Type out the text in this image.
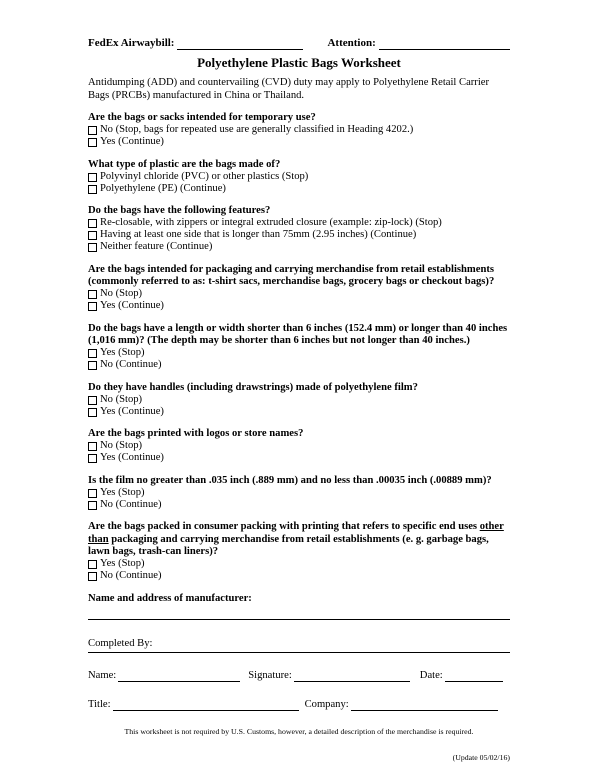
FedEx Airwaybill:	Attention:
Polyethylene Plastic Bags Worksheet
Antidumping (ADD) and countervailing (CVD) duty may apply to Polyethylene Retail Carrier Bags (PRCBs) manufactured in China or Thailand.
Are the bags or sacks intended for temporary use?
No (Stop, bags for repeated use are generally classified in Heading 4202.)
Yes (Continue)
What type of plastic are the bags made of?
Polyvinyl chloride (PVC) or other plastics (Stop)
Polyethylene (PE) (Continue)
Do the bags have the following features?
Re-closable, with zippers or integral extruded closure (example: zip-lock) (Stop)
Having at least one side that is longer than 75mm (2.95 inches) (Continue)
Neither feature (Continue)
Are the bags intended for packaging and carrying merchandise from retail establishments (commonly referred to as: t-shirt sacs, merchandise bags, grocery bags or checkout bags)?
No (Stop)
Yes (Continue)
Do the bags have a length or width shorter than 6 inches (152.4 mm) or longer than 40 inches (1,016 mm)? (The depth may be shorter than 6 inches but not longer than 40 inches.)
Yes (Stop)
No (Continue)
Do they have handles (including drawstrings) made of polyethylene film?
No (Stop)
Yes (Continue)
Are the bags printed with logos or store names?
No (Stop)
Yes (Continue)
Is the film no greater than .035 inch (.889 mm) and no less than .00035 inch (.00889 mm)?
Yes (Stop)
No (Continue)
Are the bags packed in consumer packing with printing that refers to specific end uses other than packaging and carrying merchandise from retail establishments (e. g. garbage bags, lawn bags, trash-can liners)?
Yes (Stop)
No (Continue)
Name and address of manufacturer:
Completed By:
Name:	Signature:	Date:
Title:	Company:
This worksheet is not required by U.S. Customs, however, a detailed description of the merchandise is required.
(Update 05/02/16)
